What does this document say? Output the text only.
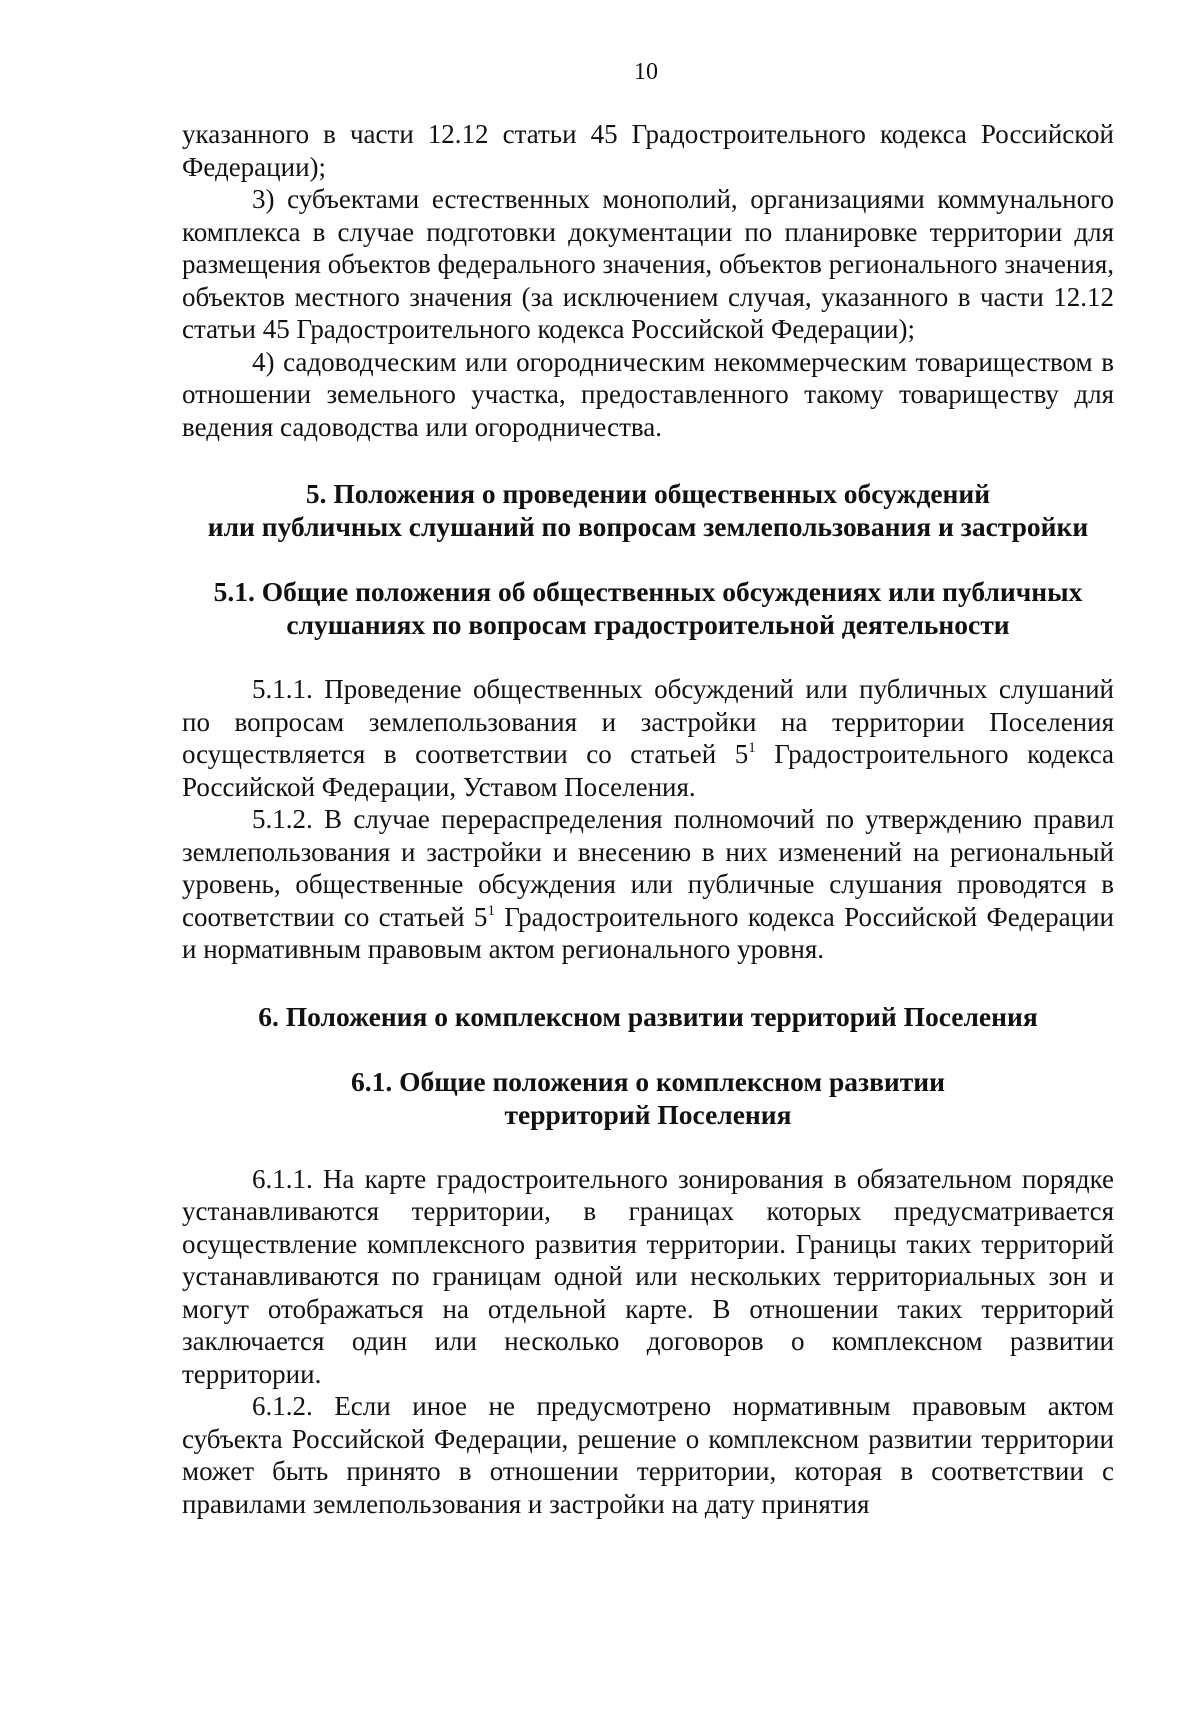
10

указанного в части 12.12 статьи 45 Градостроительного кодекса Российской Федерации);

3) субъектами естественных монополий, организациями коммунального комплекса в случае подготовки документации по планировке территории для размещения объектов федерального значения, объектов регионального значения, объектов местного значения (за исключением случая, указанного в части 12.12 статьи 45 Градостроительного кодекса Российской Федерации);

4) садоводческим или огородническим некоммерческим товариществом в отношении земельного участка, предоставленного такому товариществу для ведения садоводства или огородничества.

5. Положения о проведении общественных обсуждений
или публичных слушаний по вопросам землепользования и застройки
5.1. Общие положения об общественных обсуждениях или публичных
слушаниях по вопросам градостроительной деятельности

5.1.1. Проведение общественных обсуждений или публичных слушаний по вопросам землепользования и застройки на территории Поселения осуществляется в соответствии со статьей $5^1$ Градостроительного кодекса Российской Федерации, Уставом Поселения.

5.1.2. В случае перераспределения полномочий по утверждению правил землепользования и застройки и внесению в них изменений на региональный уровень, общественные обсуждения или публичные слушания проводятся в соответствии со статьей $5^1$ Градостроительного кодекса Российской Федерации и нормативным правовым актом регионального уровня.

6. Положения о комплексном развитии территорий Поселения
6.1. Общие положения о комплексном развитии
территорий Поселения

6.1.1. На карте градостроительного зонирования в обязательном порядке устанавливаются территории, в границах которых предусматривается осуществление комплексного развития территории. Границы таких территорий устанавливаются по границам одной или нескольких территориальных зон и могут отображаться на отдельной карте. В отношении таких территорий заключается один или несколько договоров о комплексном развитии территории.

6.1.2. Если иное не предусмотрено нормативным правовым актом субъекта Российской Федерации, решение о комплексном развитии территории может быть принято в отношении территории, которая в соответствии с правилами землепользования и застройки на дату принятия
